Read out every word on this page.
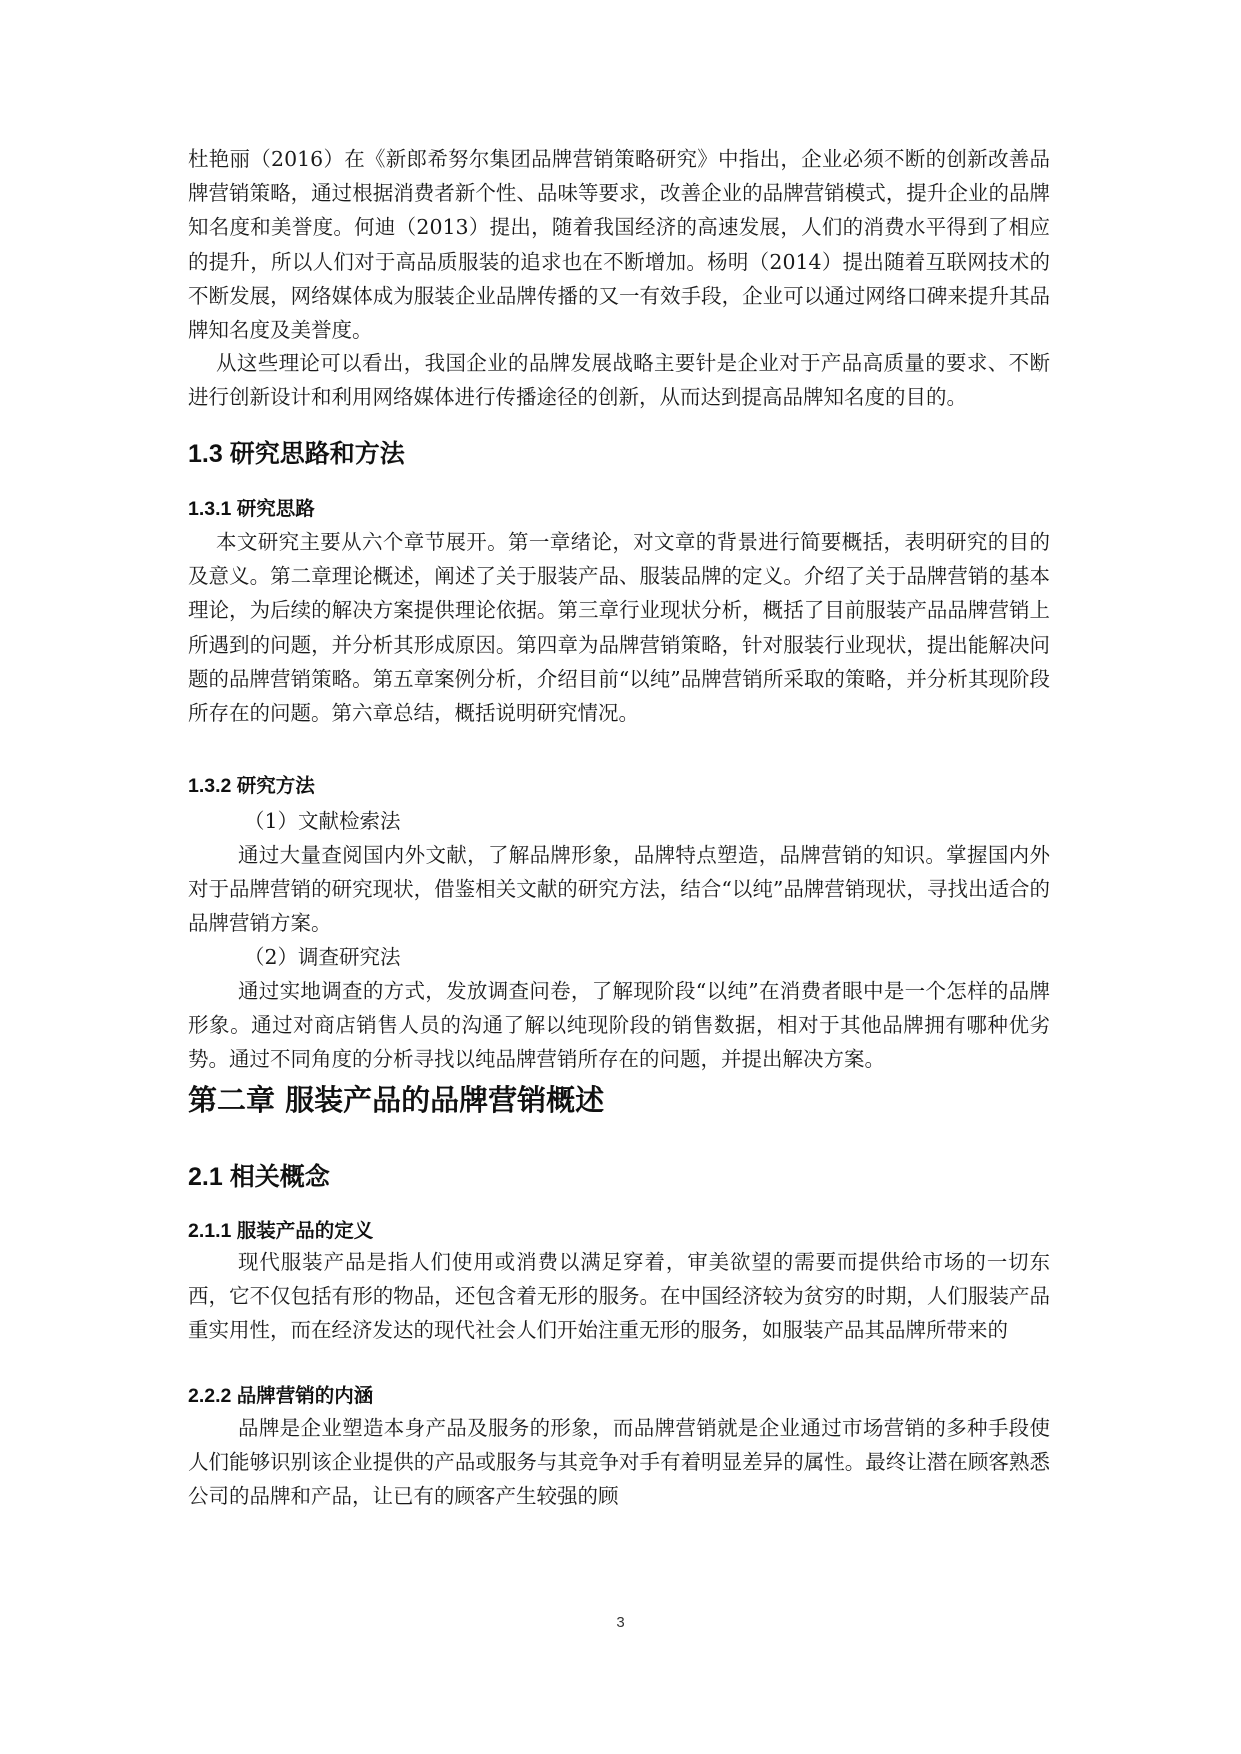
杜艳丽（2016）在《新郎希努尔集团品牌营销策略研究》中指出，企业必须不断的创新改善品牌营销策略，通过根据消费者新个性、品味等要求，改善企业的品牌营销模式，提升企业的品牌知名度和美誉度。何迪（2013）提出，随着我国经济的高速发展，人们的消费水平得到了相应的提升，所以人们对于高品质服装的追求也在不断增加。杨明（2014）提出随着互联网技术的不断发展，网络媒体成为服装企业品牌传播的又一有效手段，企业可以通过网络口碑来提升其品牌知名度及美誉度。

从这些理论可以看出，我国企业的品牌发展战略主要针是企业对于产品高质量的要求、不断进行创新设计和利用网络媒体进行传播途径的创新，从而达到提高品牌知名度的目的。

1.3 研究思路和方法
1.3.1 研究思路

本文研究主要从六个章节展开。第一章绪论，对文章的背景进行简要概括，表明研究的目的及意义。第二章理论概述，阐述了关于服装产品、服装品牌的定义。介绍了关于品牌营销的基本理论，为后续的解决方案提供理论依据。第三章行业现状分析，概括了目前服装产品品牌营销上所遇到的问题，并分析其形成原因。第四章为品牌营销策略，针对服装行业现状，提出能解决问题的品牌营销策略。第五章案例分析，介绍目前“以纯”品牌营销所采取的策略，并分析其现阶段所存在的问题。第六章总结，概括说明研究情况。

1.3.2 研究方法

（1）文献检索法

通过大量查阅国内外文献，了解品牌形象，品牌特点塑造，品牌营销的知识。掌握国内外对于品牌营销的研究现状，借鉴相关文献的研究方法，结合“以纯”品牌营销现状，寻找出适合的品牌营销方案。

（2）调查研究法

通过实地调查的方式，发放调查问卷，了解现阶段“以纯”在消费者眼中是一个怎样的品牌形象。通过对商店销售人员的沟通了解以纯现阶段的销售数据，相对于其他品牌拥有哪种优劣势。通过不同角度的分析寻找以纯品牌营销所存在的问题，并提出解决方案。

第二章 服装产品的品牌营销概述
2.1 相关概念
2.1.1 服装产品的定义

现代服装产品是指人们使用或消费以满足穿着，审美欲望的需要而提供给市场的一切东西，它不仅包括有形的物品，还包含着无形的服务。在中国经济较为贫穷的时期，人们服装产品重实用性，而在经济发达的现代社会人们开始注重无形的服务，如服装产品其品牌所带来的

2.2.2 品牌营销的内涵

品牌是企业塑造本身产品及服务的形象，而品牌营销就是企业通过市场营销的多种手段使人们能够识别该企业提供的产品或服务与其竞争对手有着明显差异的属性。最终让潜在顾客熟悉公司的品牌和产品，让已有的顾客产生较强的顾

3
